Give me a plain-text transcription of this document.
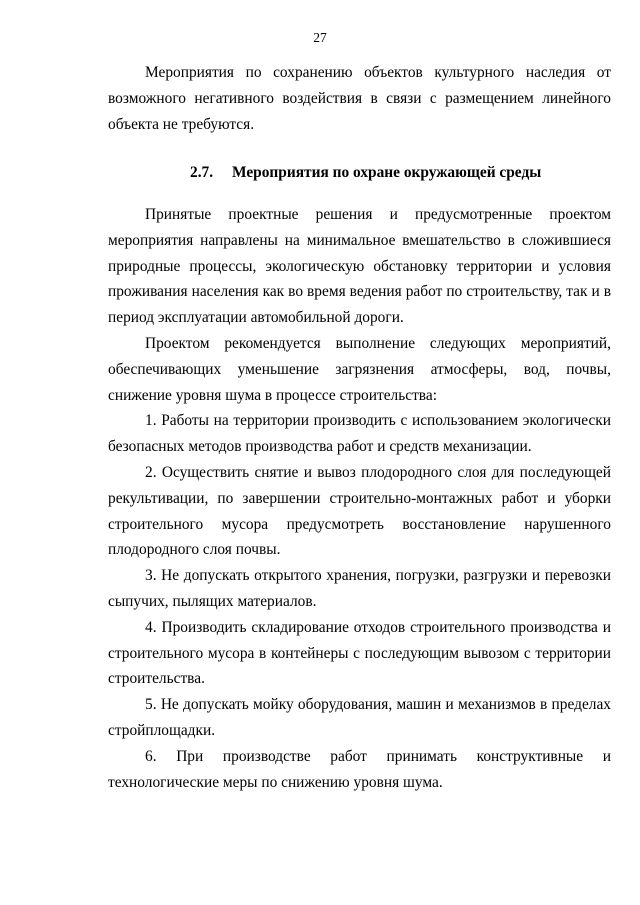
27

Мероприятия по сохранению объектов культурного наследия от возможного негативного воздействия в связи с размещением линейного объекта не требуются.

2.7. Мероприятия по охране окружающей среды

Принятые проектные решения и предусмотренные проектом мероприятия направлены на минимальное вмешательство в сложившиеся природные процессы, экологическую обстановку территории и условия проживания населения как во время ведения работ по строительству, так и в период эксплуатации автомобильной дороги.

Проектом рекомендуется выполнение следующих мероприятий, обеспечивающих уменьшение загрязнения атмосферы, вод, почвы, снижение уровня шума в процессе строительства:

1. Работы на территории производить с использованием экологически безопасных методов производства работ и средств механизации.

2. Осуществить снятие и вывоз плодородного слоя для последующей рекультивации, по завершении строительно-монтажных работ и уборки строительного мусора предусмотреть восстановление нарушенного плодородного слоя почвы.

3. Не допускать открытого хранения, погрузки, разгрузки и перевозки сыпучих, пылящих материалов.

4. Производить складирование отходов строительного производства и строительного мусора в контейнеры с последующим вывозом с территории строительства.

5. Не допускать мойку оборудования, машин и механизмов в пределах стройплощадки.

6. При производстве работ принимать конструктивные и технологические меры по снижению уровня шума.
